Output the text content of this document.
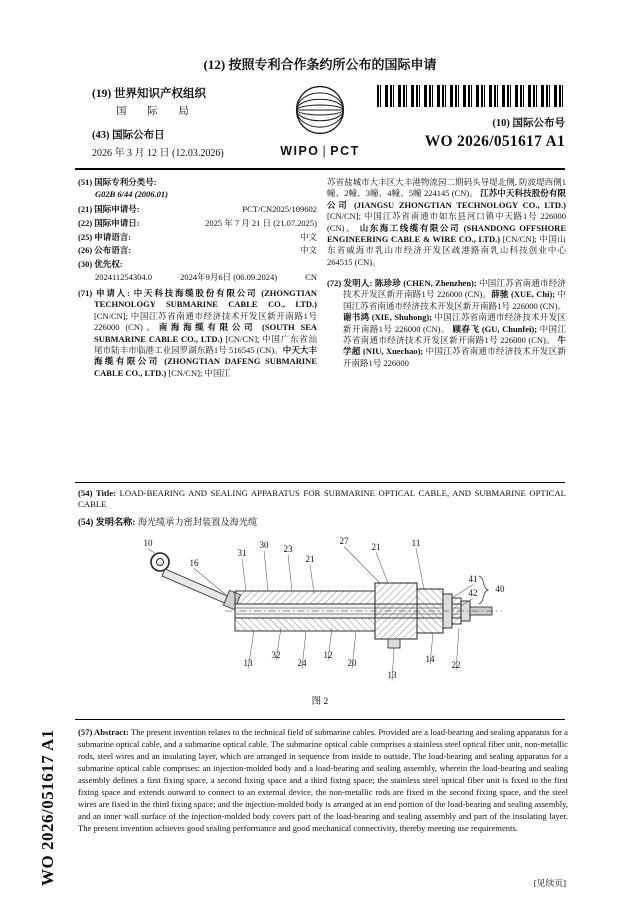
(12) 按照专利合作条约所公布的国际申请
(19) 世界知识产权组织
国 际 局
(43) 国际公布日
2026 年 3 月 12 日 (12.03.2026)	WIPO | PCT
(10) 国际公布号
WO 2026/051617 A1
(51) 国际专利分类号:
G02B 6/44 (2006.01)
(21) 国际申请号:	PCT/CN2025/109602
(22) 国际申请日:	2025 年 7 月 21 日 (21.07.2025)
(25) 申请语言:	中文
(26) 公布语言:	中文
(30) 优先权:
202411254304.0	2024年9月6日 (06.09.2024)	CN
(71) 申请人: 中天科技海缆股份有限公司 (ZHONGTIAN TECHNOLOGY SUBMARINE CABLE CO., LTD.) [CN/CN]; 中国江苏省南通市经济技术开发区新开南路1号 226000 (CN)。南海海缆有限公司 (SOUTH SEA SUBMARINE CABLE CO., LTD.) [CN/CN]; 中国广东省汕尾市陆丰市临港工业园罗湖东路1号 516545 (CN)。中天大丰海缆有限公司 (ZHONGTIAN DAFENG SUBMARINE CABLE CO., LTD.) [CN/CN]; 中国江
苏省盐城市大丰区大丰港物流园二期码头导堤北侧, 防波堤西侧1幢、2幢、3幢、4幢、5幢 224145 (CN)。 江苏中天科技股份有限公司 (JIANGSU ZHONGTIAN TECHNOLOGY CO., LTD.) [CN/CN]; 中国江苏省南通市如东县河口镇中天路1号 226000 (CN)。 山东海工线缆有限公司 (SHANDONG OFFSHORE ENGINEERING CABLE & WIRE CO., LTD.) [CN/CN]; 中国山东省威海市乳山市经济开发区疏港路南乳山科技创业中心 264515 (CN)。
(72) 发明人: 陈珍珍 (CHEN, Zhenzhen); 中国江苏省南通市经济技术开发区新开南路1号 226000 (CN)。薛驰 (XUE, Chi); 中国江苏省南通市经济技术开发区新开南路1号 226000 (CN)。 谢书鸿 (XIE, Shuhong); 中国江苏省南通市经济技术开发区新开南路1号 226000 (CN)。 顾春飞 (GU, Chunfei); 中国江苏省南通市经济技术开发区新开南路1号 226000 (CN)。 牛学超 (NIU, Xuechao); 中国江苏省南通市经济技术开发区新开南路1号 226000
(54) Title: LOAD-BEARING AND SEALING APPARATUS FOR SUBMARINE OPTICAL CABLE, AND SUBMARINE OPTICAL CABLE
(54) 发明名称: 海光缆承力密封装置及海光缆
10
16
31
30 23
21
27
21	11
41
42 40
13
32
24
12
20
13
14
22
图 2
(57) Abstract: The present invention relates to the technical field of submarine cables. Provided are a load-bearing and sealing apparatus for a submarine optical cable, and a submarine optical cable. The submarine optical cable comprises a stainless steel optical fiber unit, non-metallic rods, steel wires and an insulating layer, which are arranged in sequence from inside to outside. The load-bearing and sealing apparatus for a submarine optical cable comprises: an injection-molded body and a load-bearing and sealing assembly, wherein the load-bearing and sealing assembly defines a first fixing space, a second fixing space and a third fixing space; the stainless steel optical fiber unit is fixed in the first fixing space and extends outward to connect to an external device, the non-metallic rods are fixed in the second fixing space, and the steel wires are fixed in the third fixing space; and the injection-molded body is arranged at an end portion of the load-bearing and sealing assembly, and an inner wall surface of the injection-molded body covers part of the load-bearing and sealing assembly and part of the insulating layer. The present invention achieves good sealing performance and good mechanical connectivity, thereby meeting use requirements.
WO 2026/051617 A1	[见续页]
